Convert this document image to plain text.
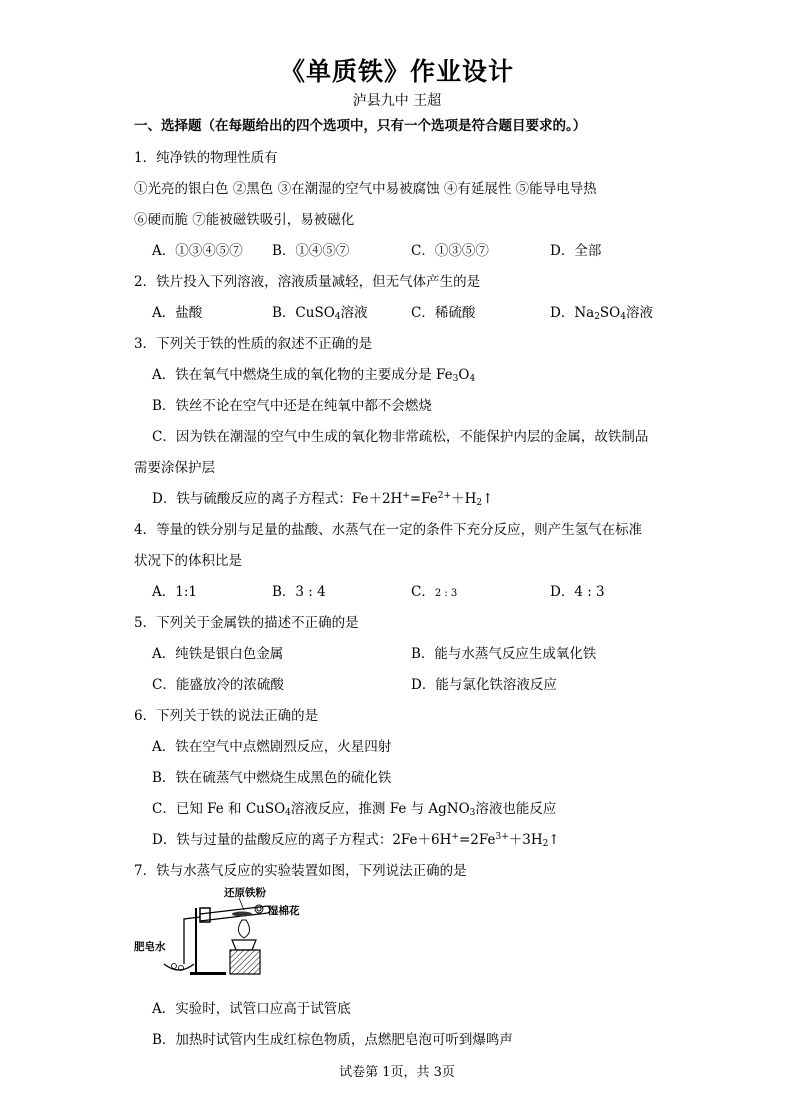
《单质铁》作业设计
泸县九中 王超
一、选择题（在每题给出的四个选项中，只有一个选项是符合题目要求的。）
1．纯净铁的物理性质有
①光亮的银白色 ②黑色 ③在潮湿的空气中易被腐蚀 ④有延展性 ⑤能导电导热
⑥硬而脆 ⑦能被磁铁吸引，易被磁化
A．①③④⑤⑦ B．①④⑤⑦	C．①③⑤⑦	D．全部
2．铁片投入下列溶液，溶液质量减轻，但无气体产生的是
A．盐酸	B．CuSO$_4$溶液	C．稀硫酸	D．$Na_2SO_4$溶液
3．下列关于铁的性质的叙述不正确的是
A．铁在氧气中燃烧生成的氧化物的主要成分是 $Fe_3O_4$
B．铁丝不论在空气中还是在纯氧中都不会燃烧
C．因为铁在潮湿的空气中生成的氧化物非常疏松，不能保护内层的金属，故铁制品
需要涂保护层
D．铁与硫酸反应的离子方程式：$Fe+2H^+=Fe^{2+}+H_2↑$
4．等量的铁分别与足量的盐酸、水蒸气在一定的条件下充分反应，则产生氢气在标准
状况下的体积比是
A．1:1	B．3 : 4	C．2 : 3	D．4 : 3
5．下列关于金属铁的描述不正确的是
A．纯铁是银白色金属	B．能与水蒸气反应生成氧化铁
C．能盛放冷的浓硫酸	D．能与氯化铁溶液反应
6．下列关于铁的说法正确的是
A．铁在空气中点燃剧烈反应，火星四射
B．铁在硫蒸气中燃烧生成黑色的硫化铁
C．已知 Fe 和 CuSO$_4$溶液反应，推测 Fe 与 AgNO$_3$溶液也能反应
D．铁与过量的盐酸反应的离子方程式：$2Fe+6H^+=2Fe^{3+}+3H_2↑$
7．铁与水蒸气反应的实验装置如图，下列说法正确的是
还原铁粉
湿棉花
肥皂水
A．实验时，试管口应高于试管底
B．加热时试管内生成红棕色物质，点燃肥皂泡可听到爆鸣声
试卷第 1页，共 3页
